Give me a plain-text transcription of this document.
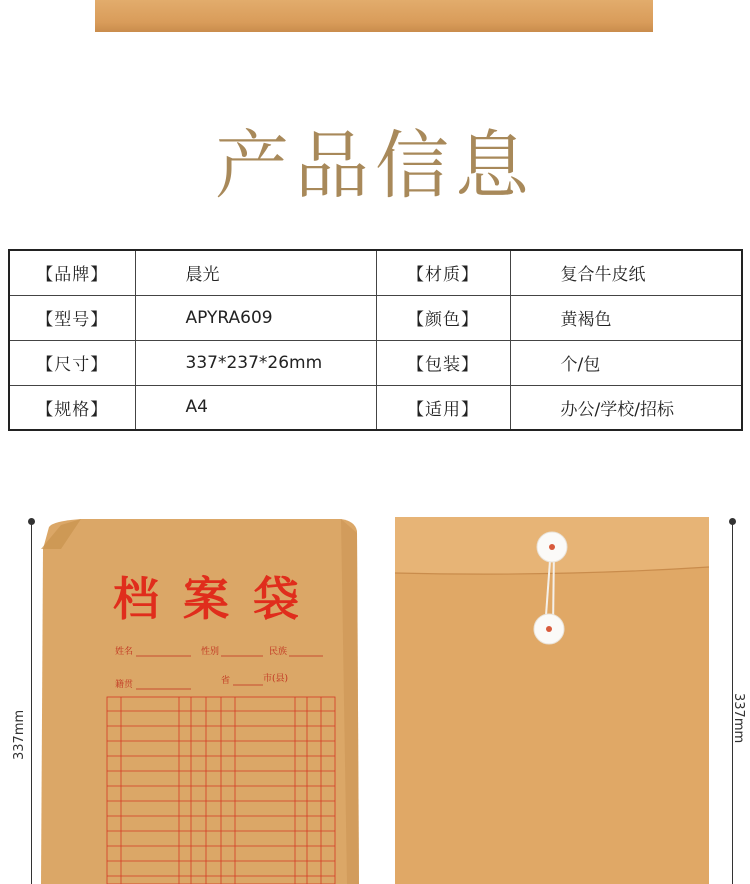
产品信息
【品牌】	晨光	【材质】	复合牛皮纸
【型号】	APYRA609	【颜色】	黄褐色
【尺寸】	337*237*26mm	【包装】	个/包
【规格】	A4	【适用】	办公/学校/招标
337mm	337mm
档 案 袋
姓名	性别	民族
籍贯	省	市(县)
